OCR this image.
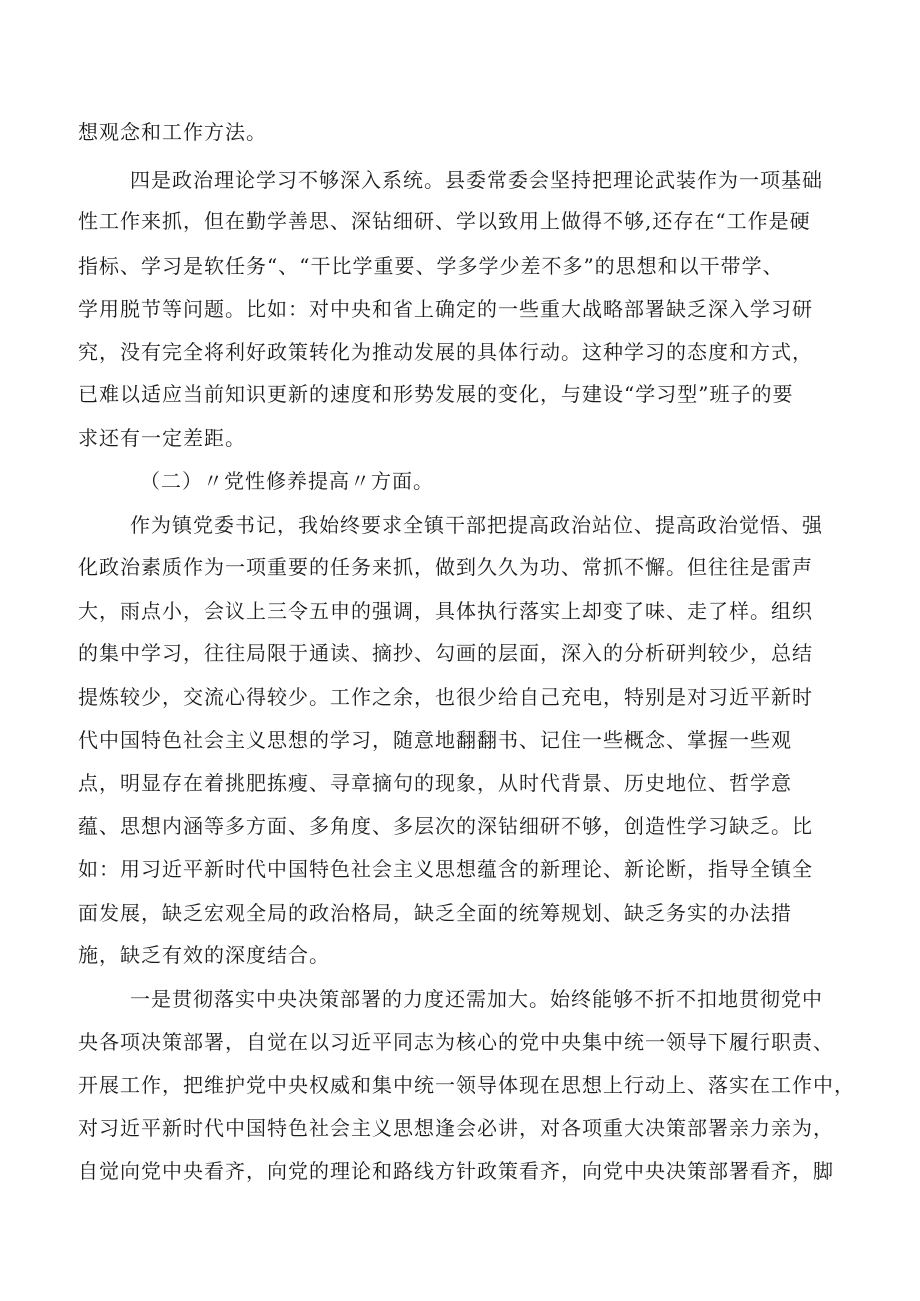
想观念和工作方法。
四是政治理论学习不够深入系统。县委常委会坚持把理论武装作为一项基础
性工作来抓，但在勤学善思、深钻细研、学以致用上做得不够,还存在“工作是硬
指标、学习是软任务“、“干比学重要、学多学少差不多”的思想和以干带学、
学用脱节等问题。比如：对中央和省上确定的一些重大战略部署缺乏深入学习研
究，没有完全将利好政策转化为推动发展的具体行动。这种学习的态度和方式，
已难以适应当前知识更新的速度和形势发展的变化，与建设“学习型”班子的要
求还有一定差距。
（二）〃党性修养提高〃方面。
作为镇党委书记，我始终要求全镇干部把提高政治站位、提高政治觉悟、强
化政治素质作为一项重要的任务来抓，做到久久为功、常抓不懈。但往往是雷声
大，雨点小，会议上三令五申的强调，具体执行落实上却变了味、走了样。组织
的集中学习，往往局限于通读、摘抄、勾画的层面，深入的分析研判较少，总结
提炼较少，交流心得较少。工作之余，也很少给自己充电，特别是对习近平新时
代中国特色社会主义思想的学习，随意地翻翻书、记住一些概念、掌握一些观
点，明显存在着挑肥拣瘦、寻章摘句的现象，从时代背景、历史地位、哲学意
蕴、思想内涵等多方面、多角度、多层次的深钻细研不够，创造性学习缺乏。比
如：用习近平新时代中国特色社会主义思想蕴含的新理论、新论断，指导全镇全
面发展，缺乏宏观全局的政治格局，缺乏全面的统筹规划、缺乏务实的办法措
施，缺乏有效的深度结合。
一是贯彻落实中央决策部署的力度还需加大。始终能够不折不扣地贯彻党中
央各项决策部署，自觉在以习近平同志为核心的党中央集中统一领导下履行职责、
开展工作，把维护党中央权威和集中统一领导体现在思想上行动上、落实在工作中，
对习近平新时代中国特色社会主义思想逢会必讲，对各项重大决策部署亲力亲为，
自觉向党中央看齐，向党的理论和路线方针政策看齐，向党中央决策部署看齐，脚
